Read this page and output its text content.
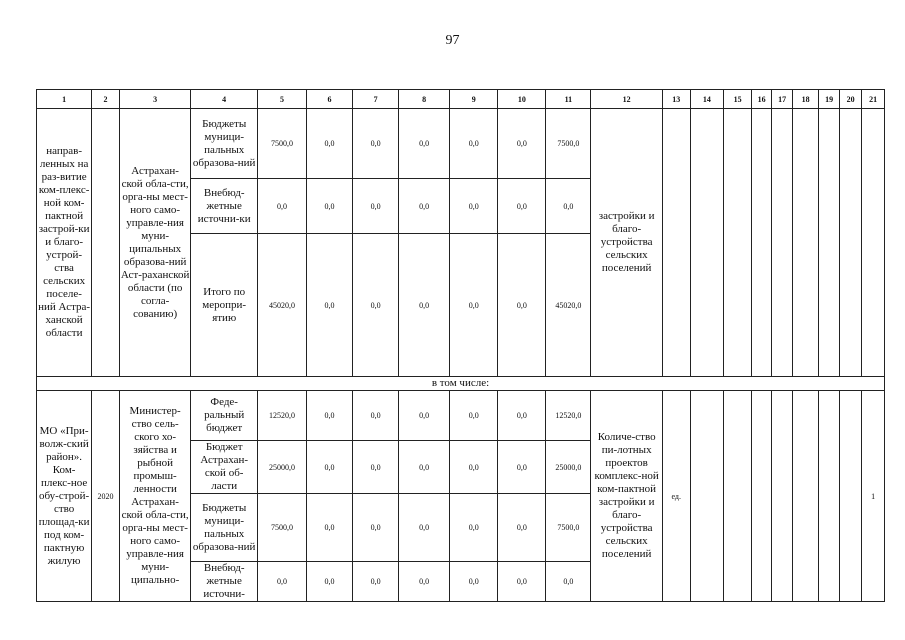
97
1	2	3	4	5	6	7	8	9	10	11	12	13	14	15	16	17	18	19	20	21
направ-ленных на раз-витие ком-плекс-ной ком-пактной застрой-ки и благо-устрой-ства сельских поселе-ний Астра-ханской области		Астрахан-ской обла-сти, орга-ны мест-ного само-управле-ния муни-ципальных образова-ний Аст-раханской области (по согла-сованию)	Бюджеты муници-пальных образова-ний	7500,0	0,0	0,0	0,0	0,0	0,0	7500,0	застройки и благо-устройства сельских поселений									
			Внебюд-жетные источни-ки	0,0	0,0	0,0	0,0	0,0	0,0	0,0										
			Итого по меропри-ятию	45020,0	0,0	0,0	0,0	0,0	0,0	45020,0										
в том числе:																				
МО «При-волж-ский район». Ком-плекс-ное обу-строй-ство площад-ки под ком-пактную жилую	2020	Министер-ство сель-ского хо-зяйства и рыбной промыш-ленности Астрахан-ской обла-сти, орга-ны мест-ного само-управле-ния муни-ципально-	Феде-ральный бюджет	12520,0	0,0	0,0	0,0	0,0	0,0	12520,0	Количе-ство пи-лотных проектов комплекс-ной ком-пактной застройки и благо-устройства сельских поселений	ед.								1
			Бюджет Астрахан-ской об-ласти	25000,0	0,0	0,0	0,0	0,0	0,0	25000,0										
			Бюджеты муници-пальных образова-ний	7500,0	0,0	0,0	0,0	0,0	0,0	7500,0										
			Внебюд-жетные источни-	0,0	0,0	0,0	0,0	0,0	0,0	0,0										
